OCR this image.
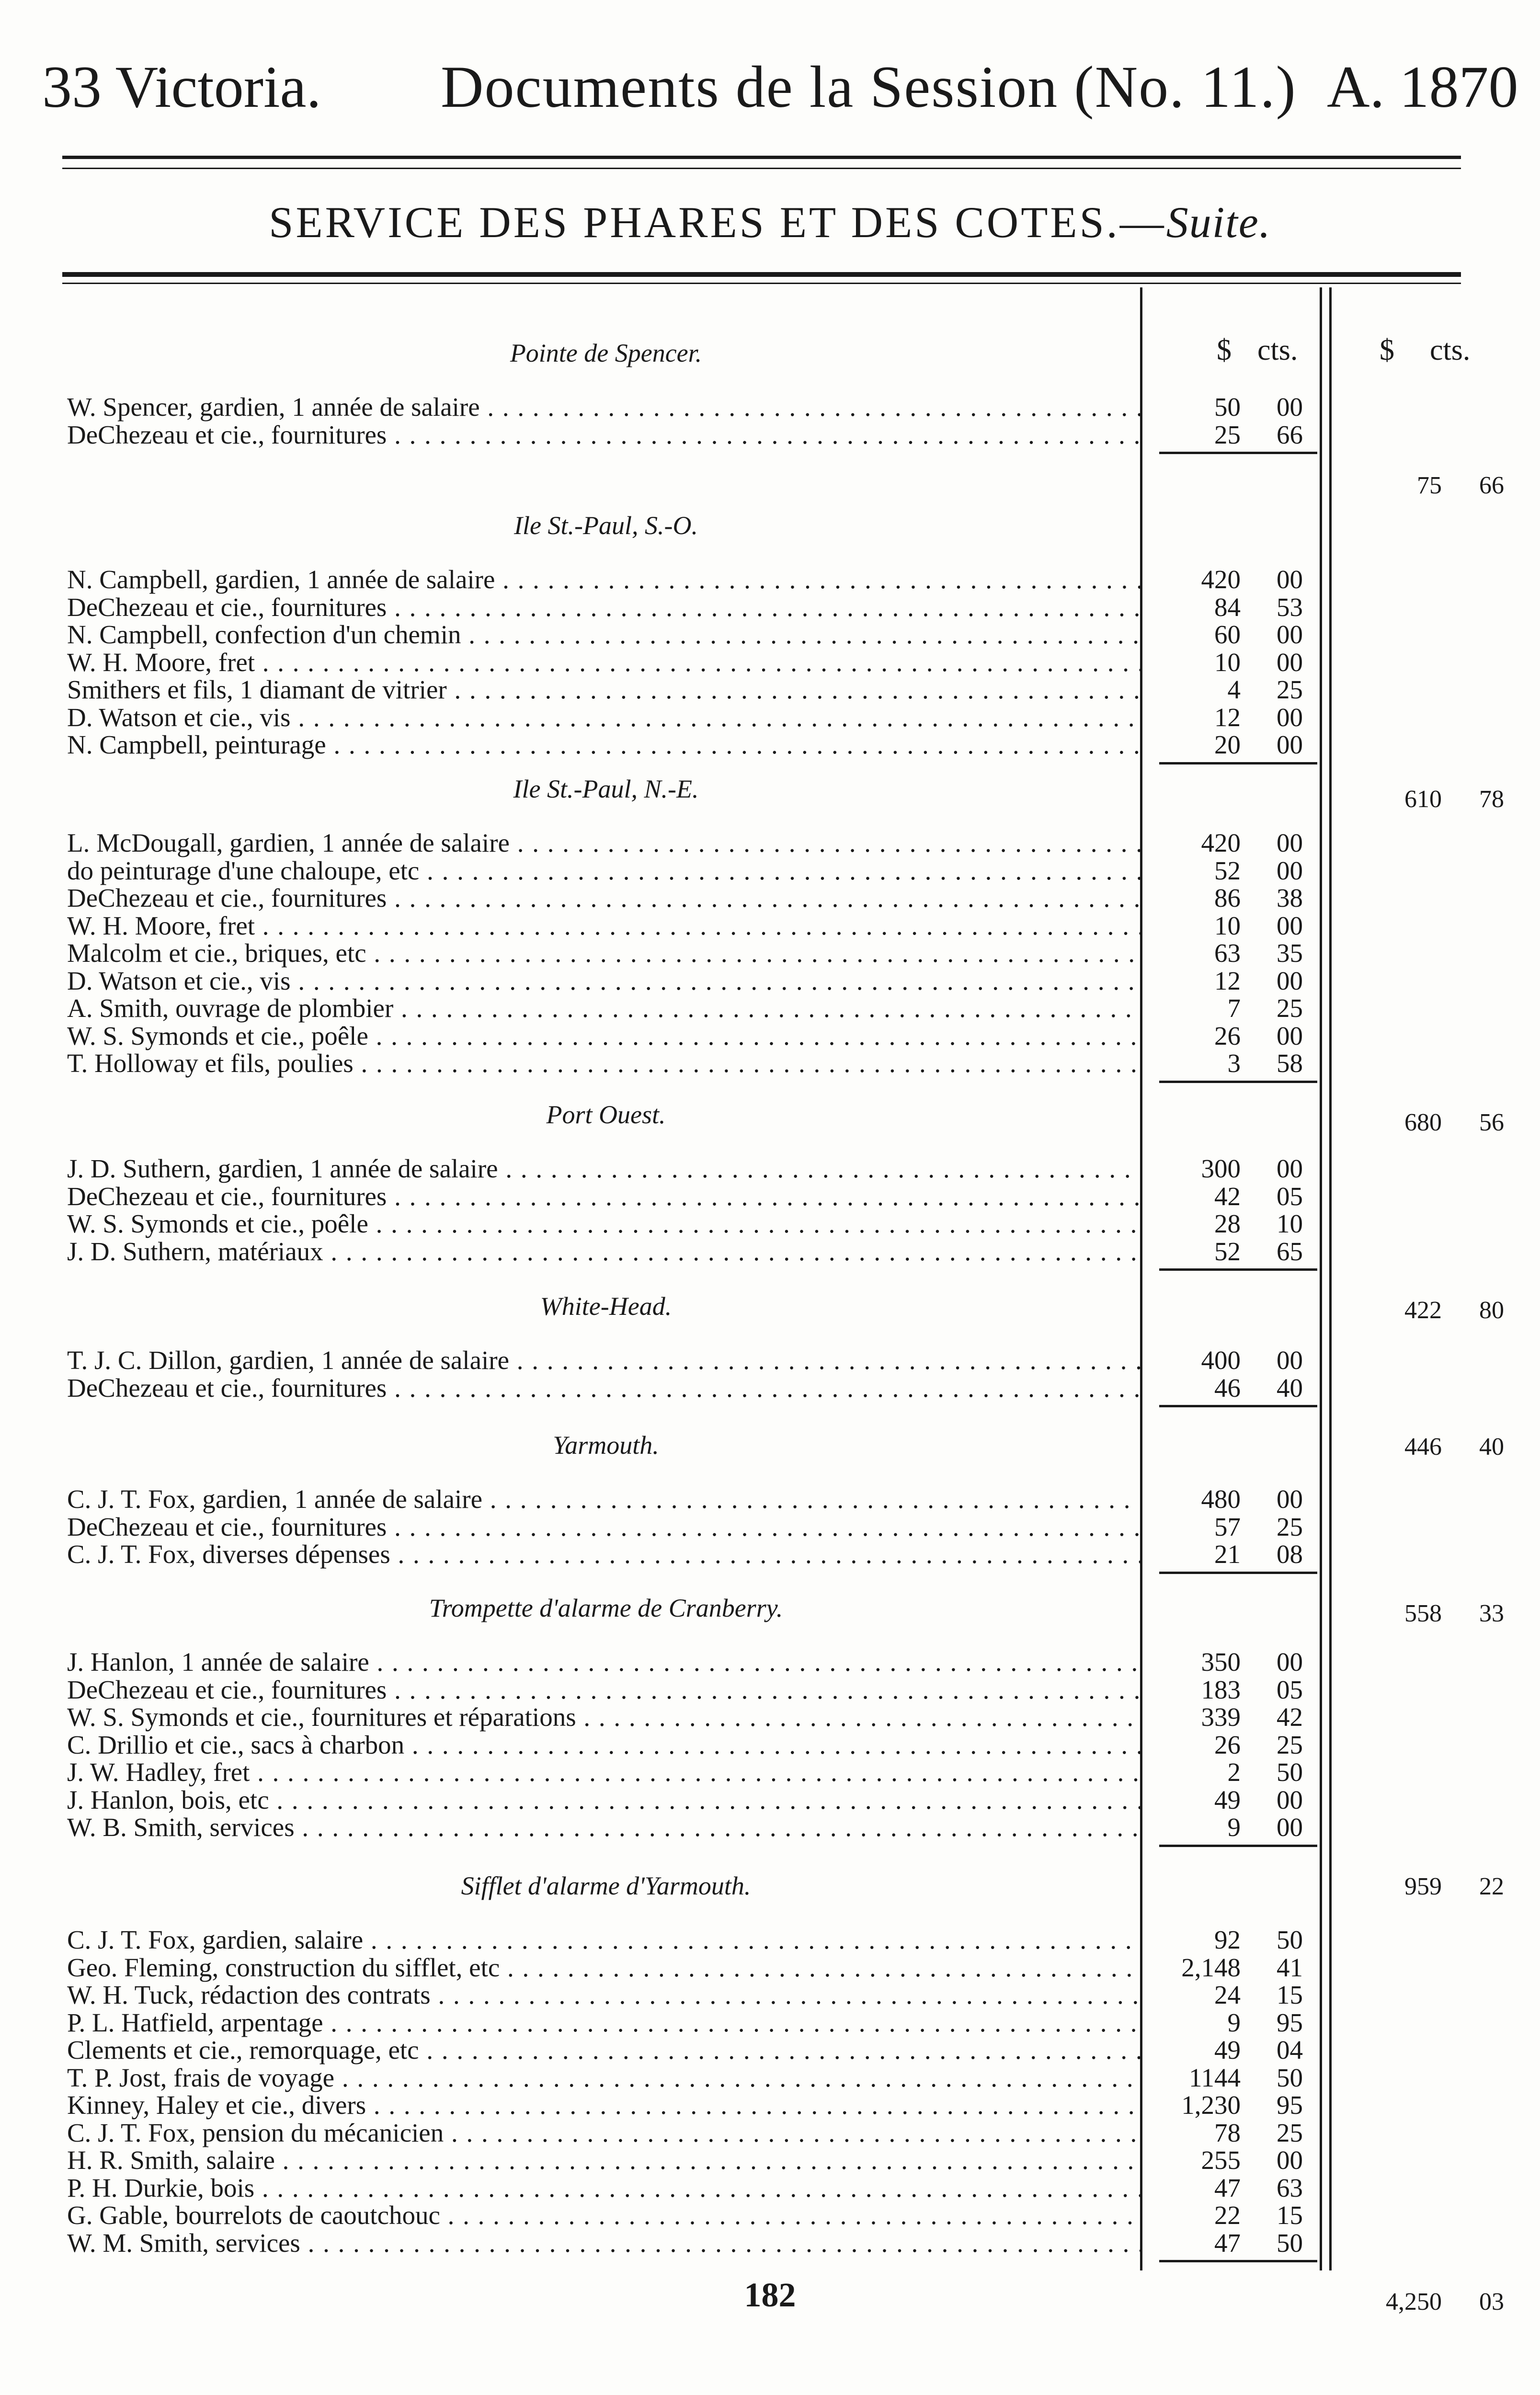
33 Victoria. Documents de la Session (No. 11.) A. 1870
SERVICE DES PHARES ET DES COTES.—Suite.
$ cts.	$ cts.
Pointe de Spencer.
W. Spencer, gardien, 1 année de salaire . . .	50	00
DeChezeau et cie., fournitures . . .	25	66
75 66
Ile St.-Paul, S.-O.
N. Campbell, gardien, 1 année de salaire . . .	420	00
DeChezeau et cie., fournitures . . .	84	53
N. Campbell, confection d'un chemin . . .	60	00
W. H. Moore, fret . . .	10	00
Smithers et fils, 1 diamant de vitrier . . .	4	25
D. Watson et cie., vis . . .	12	00
N. Campbell, peinturage . . .	20	00
610 78
Ile St.-Paul, N.-E.
L. McDougall, gardien, 1 année de salaire . . .	420	00
do peinturage d'une chaloupe, etc . . .	52	00
DeChezeau et cie., fournitures . . .	86	38
W. H. Moore, fret . . .	10	00
Malcolm et cie., briques, etc . . .	63	35
D. Watson et cie., vis . . .	12	00
A. Smith, ouvrage de plombier . . .	7	25
W. S. Symonds et cie., poêle . . .	26	00
T. Holloway et fils, poulies . . .	3	58
680 56
Port Ouest.
J. D. Suthern, gardien, 1 année de salaire . . .	300	00
DeChezeau et cie., fournitures . . .	42	05
W. S. Symonds et cie., poêle . . .	28	10
J. D. Suthern, matériaux . . .	52	65
422 80
White-Head.
T. J. C. Dillon, gardien, 1 année de salaire . . .	400	00
DeChezeau et cie., fournitures . . .	46	40
446 40
Yarmouth.
C. J. T. Fox, gardien, 1 année de salaire . . .	480	00
DeChezeau et cie., fournitures . . .	57	25
C. J. T. Fox, diverses dépenses . . .	21	08
558 33
Trompette d'alarme de Cranberry.
J. Hanlon, 1 année de salaire . . .	350	00
DeChezeau et cie., fournitures . . .	183	05
W. S. Symonds et cie., fournitures et réparations . . .	339	42
C. Drillio et cie., sacs à charbon . . .	26	25
J. W. Hadley, fret . . .	2	50
J. Hanlon, bois, etc . . .	49	00
W. B. Smith, services . . .	9	00
959 22
Sifflet d'alarme d'Yarmouth.
C. J. T. Fox, gardien, salaire . . .	92	50
Geo. Fleming, construction du sifflet, etc . . .	2,148	41
W. H. Tuck, rédaction des contrats . . .	24	15
P. L. Hatfield, arpentage . . .	9	95
Clements et cie., remorquage, etc . . .	49	04
T. P. Jost, frais de voyage . . .	1144	50
Kinney, Haley et cie., divers . . .	1,230	95
C. J. T. Fox, pension du mécanicien . . .	78	25
H. R. Smith, salaire . . .	255	00
P. H. Durkie, bois . . .	47	63
G. Gable, bourrelots de caoutchouc . . .	22	15
W. M. Smith, services . . .	47	50
4,250 03
182
